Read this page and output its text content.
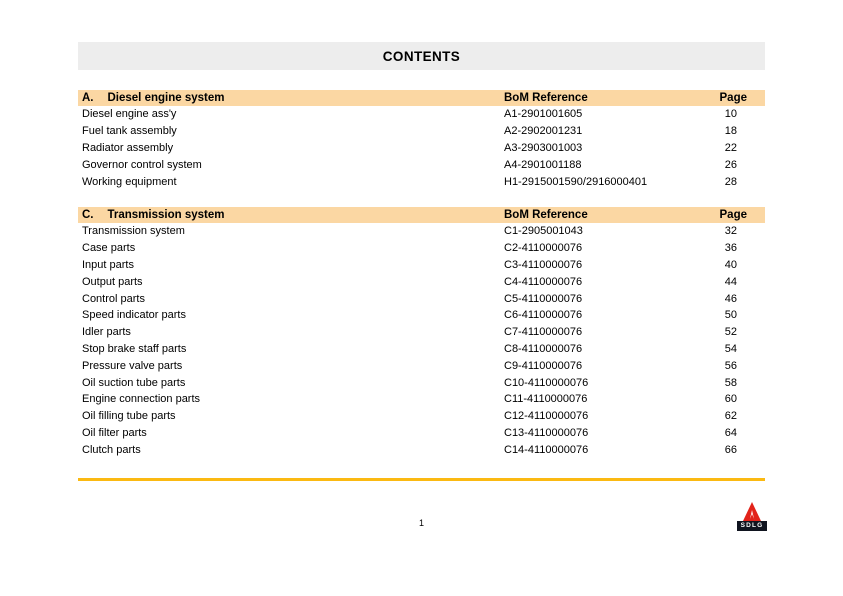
CONTENTS
A. Diesel engine system	BoM Reference	Page
Diesel engine ass'y	A1-2901001605	10
Fuel tank assembly	A2-2902001231	18
Radiator assembly	A3-2903001003	22
Governor control system	A4-2901001188	26
Working equipment	H1-2915001590/2916000401	28
C. Transmission system	BoM Reference	Page
Transmission system	C1-2905001043	32
Case parts	C2-4110000076	36
Input parts	C3-4110000076	40
Output parts	C4-4110000076	44
Control parts	C5-4110000076	46
Speed indicator parts	C6-4110000076	50
Idler parts	C7-4110000076	52
Stop brake staff parts	C8-4110000076	54
Pressure valve parts	C9-4110000076	56
Oil suction tube parts	C10-4110000076	58
Engine connection parts	C11-4110000076	60
Oil filling tube parts	C12-4110000076	62
Oil filter parts	C13-4110000076	64
Clutch parts	C14-4110000076	66
1	SDLG
